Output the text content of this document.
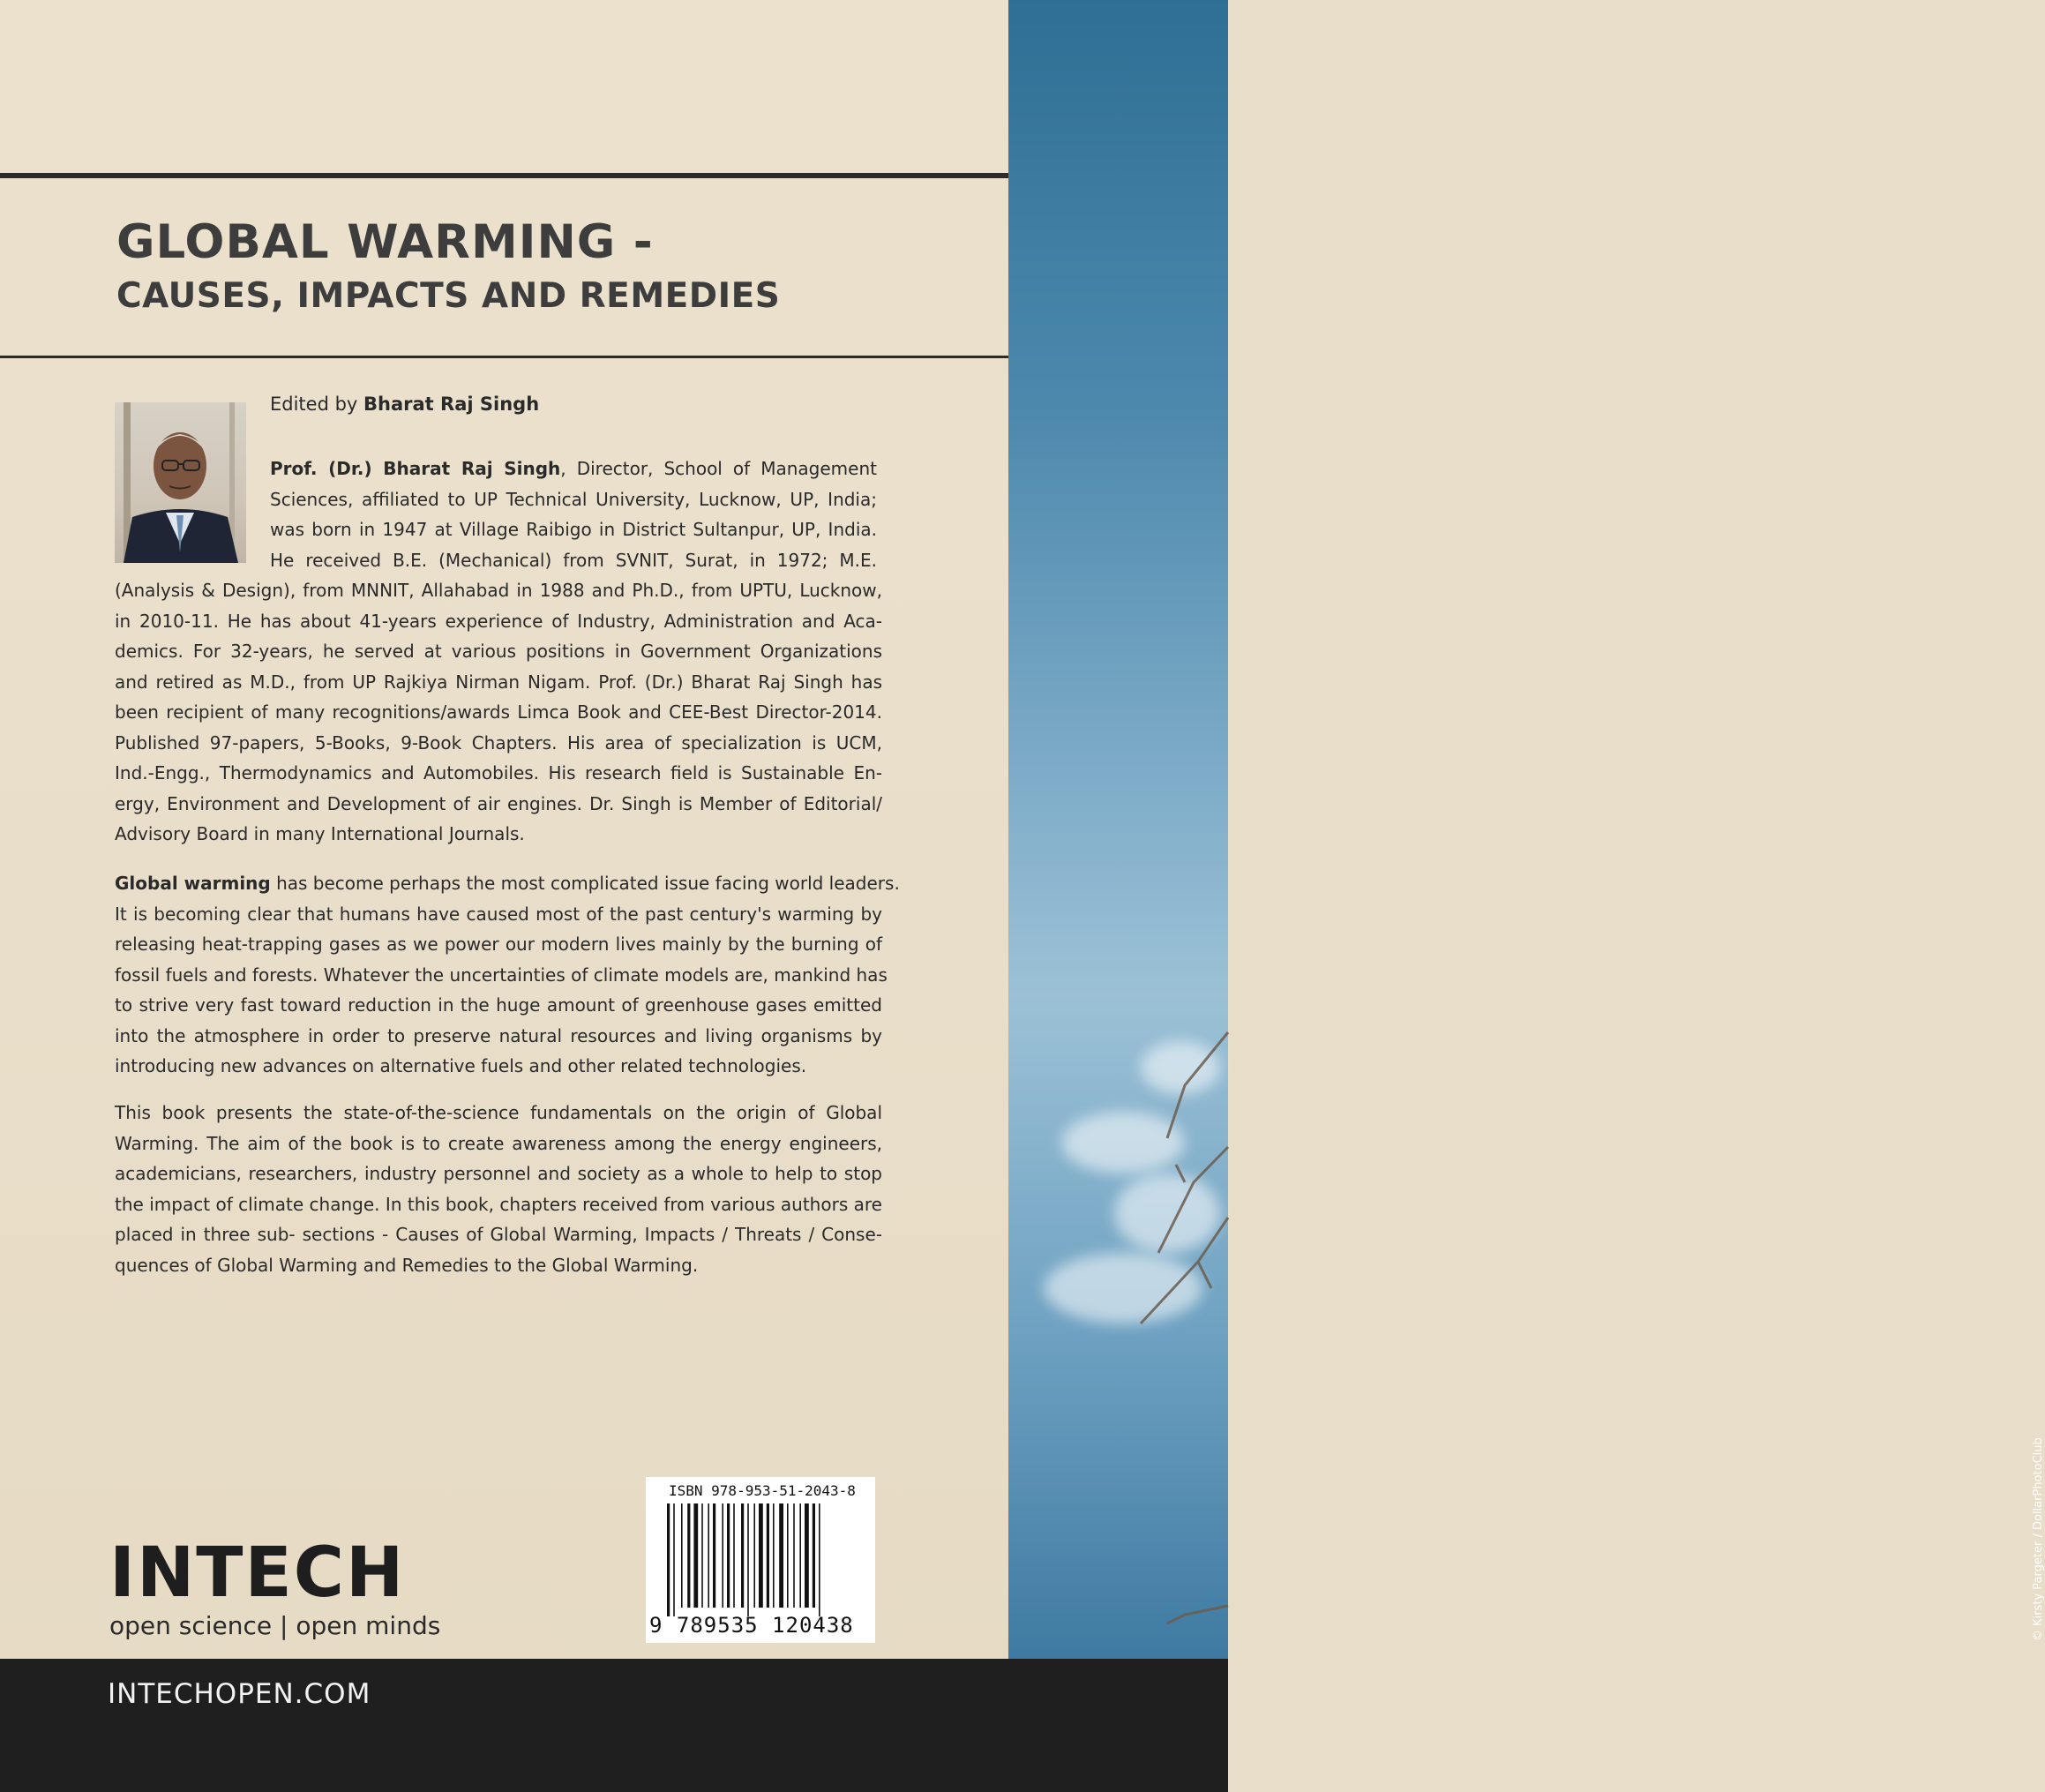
© Kirsty Pargeter / DollarPhotoClub
GLOBAL WARMING -
CAUSES, IMPACTS AND REMEDIES
Edited by Bharat Raj Singh
Prof. (Dr.) Bharat Raj Singh, Director, School of Management
Sciences, affiliated to UP Technical University, Lucknow, UP, India;
was born in 1947 at Village Raibigo in District Sultanpur, UP, India.
He received B.E. (Mechanical) from SVNIT, Surat, in 1972; M.E.
(Analysis & Design), from MNNIT, Allahabad in 1988 and Ph.D., from UPTU, Lucknow,
in 2010-11. He has about 41-years experience of Industry, Administration and Aca-
demics. For 32-years, he served at various positions in Government Organizations
and retired as M.D., from UP Rajkiya Nirman Nigam. Prof. (Dr.) Bharat Raj Singh has
been recipient of many recognitions/awards Limca Book and CEE-Best Director-2014.
Published 97-papers, 5-Books, 9-Book Chapters. His area of specialization is UCM,
Ind.-Engg., Thermodynamics and Automobiles. His research field is Sustainable En-
ergy, Environment and Development of air engines. Dr. Singh is Member of Editorial/
Advisory Board in many International Journals.
Global warming has become perhaps the most complicated issue facing world leaders.
It is becoming clear that humans have caused most of the past century's warming by
releasing heat-trapping gases as we power our modern lives mainly by the burning of
fossil fuels and forests. Whatever the uncertainties of climate models are, mankind has
to strive very fast toward reduction in the huge amount of greenhouse gases emitted
into the atmosphere in order to preserve natural resources and living organisms by
introducing new advances on alternative fuels and other related technologies.
This book presents the state-of-the-science fundamentals on the origin of Global
Warming. The aim of the book is to create awareness among the energy engineers,
academicians, researchers, industry personnel and society as a whole to help to stop
the impact of climate change. In this book, chapters received from various authors are
placed in three sub- sections - Causes of Global Warming, Impacts / Threats / Conse-
quences of Global Warming and Remedies to the Global Warming.
INTECH
open science | open minds
ISBN 978-953-51-2043-8
9 789535 120438
INTECHOPEN.COM
